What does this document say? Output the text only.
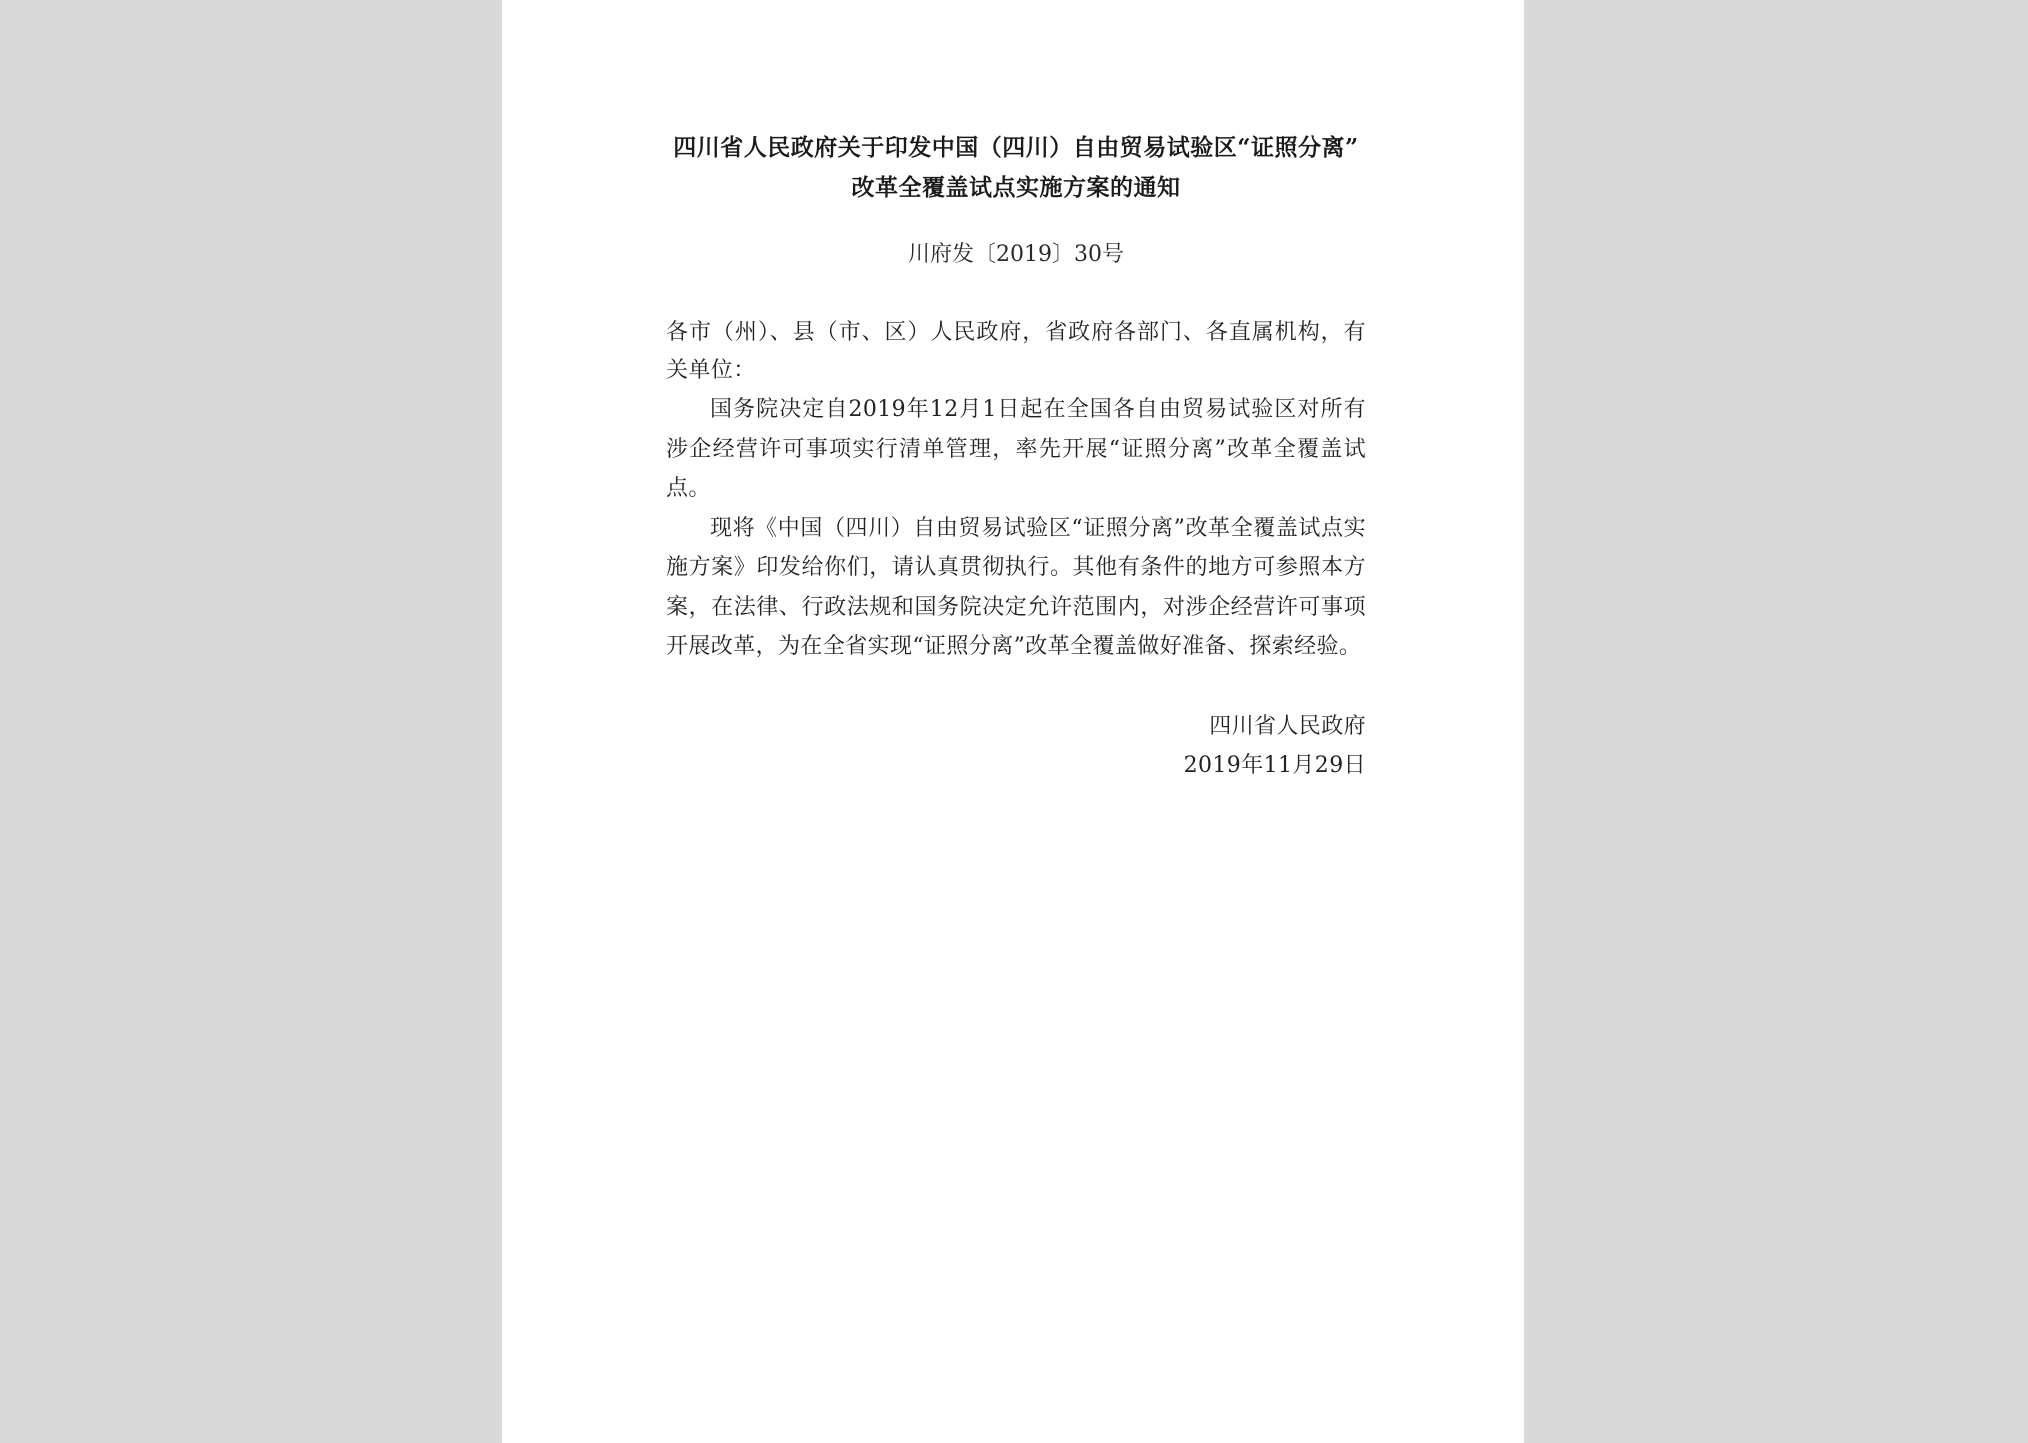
四川省人民政府关于印发中国（四川）自由贸易试验区“证照分离”
改革全覆盖试点实施方案的通知
川府发〔2019〕30号
各市（州）、县（市、区）人民政府，省政府各部门、各直属机构，有关单位：
国务院决定自2019年12月1日起在全国各自由贸易试验区对所有涉企经营许可事项实行清单管理，率先开展“证照分离”改革全覆盖试点。
现将《中国（四川）自由贸易试验区“证照分离”改革全覆盖试点实施方案》印发给你们，请认真贯彻执行。其他有条件的地方可参照本方案，在法律、行政法规和国务院决定允许范围内，对涉企经营许可事项开展改革，为在全省实现“证照分离”改革全覆盖做好准备、探索经验。
四川省人民政府
2019年11月29日
